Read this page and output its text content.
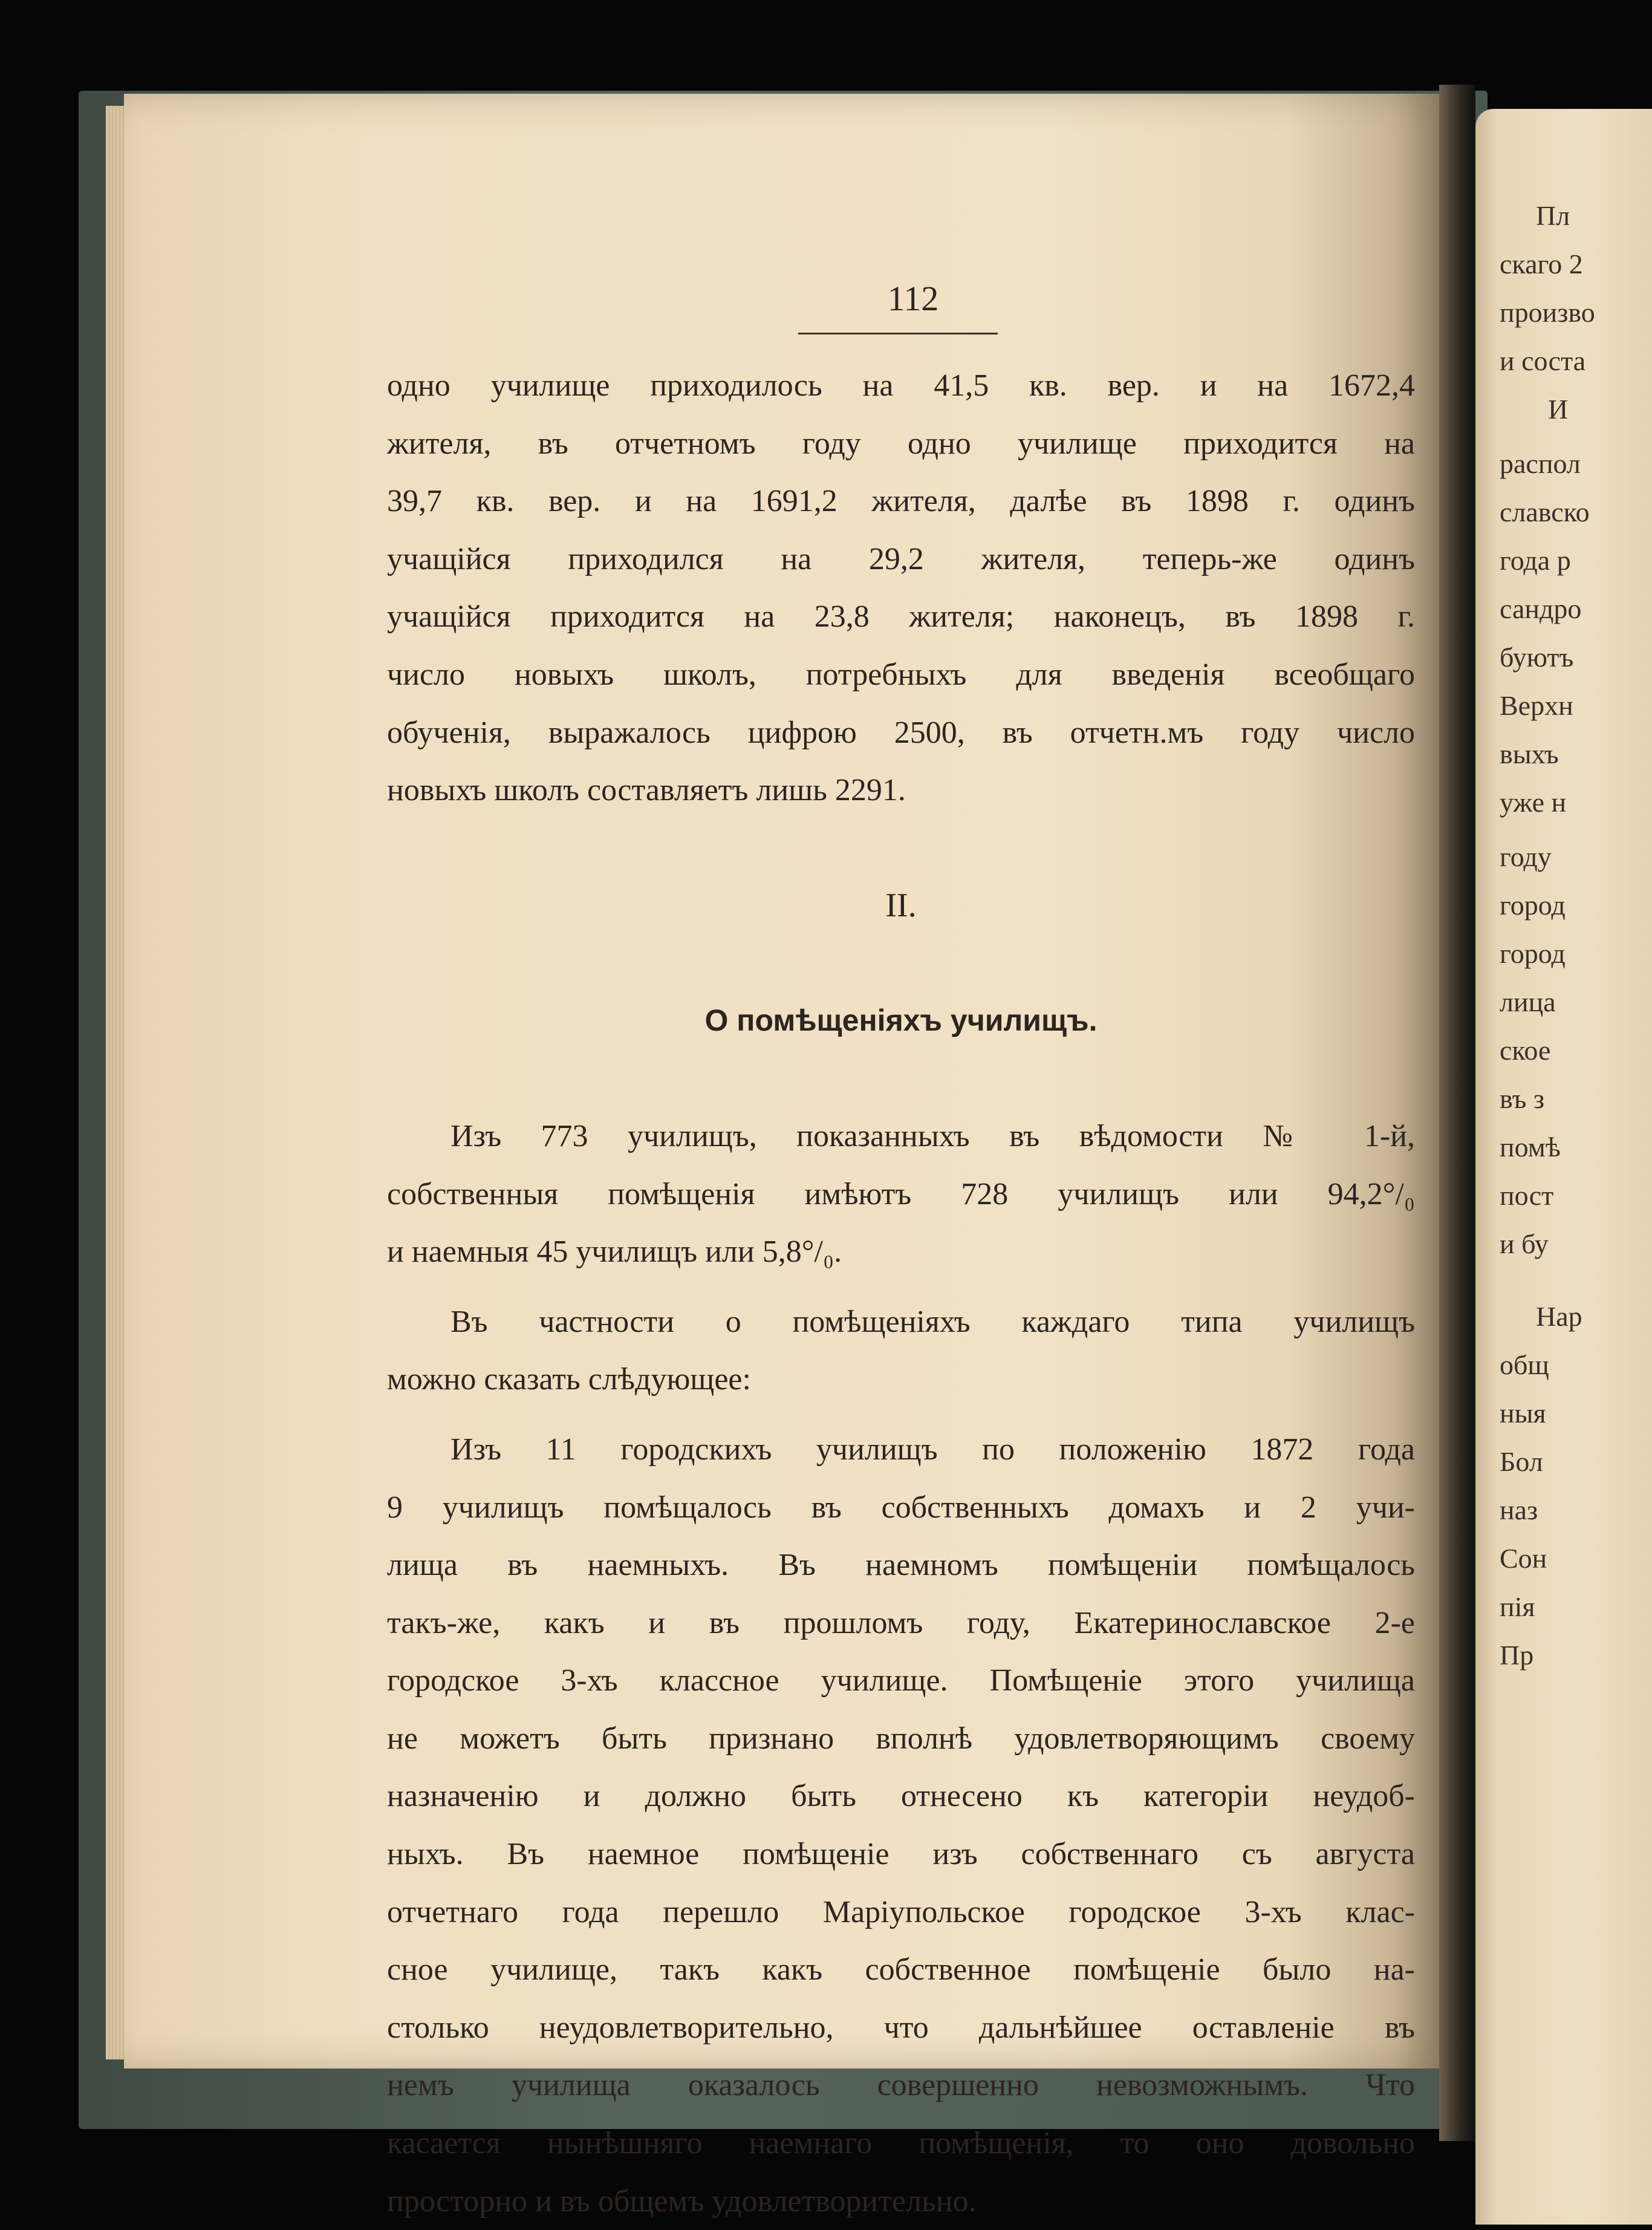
112
одно училище приходилось на 41,5 кв. вер. и на 1672,4
жителя, въ отчетномъ году одно училище приходится на
39,7 кв. вер. и на 1691,2 жителя, далѣе въ 1898 г. одинъ
учащійся приходился на 29,2 жителя, теперь-же одинъ
учащійся приходится на 23,8 жителя; наконецъ, въ 1898 г.
число новыхъ школъ, потребныхъ для введенія всеобщаго
обученія, выражалось цифрою 2500, въ отчетн.мъ году число
новыхъ школъ составляетъ лишь 2291.
II.
О помѣщеніяхъ училищъ.
Изъ 773 училищъ, показанныхъ въ вѣдомости № 1-й,
собственныя помѣщенія имѣютъ 728 училищъ или 94,2°/₀
и наемныя 45 училищъ или 5,8°/₀.
Въ частности о помѣщеніяхъ каждаго типа училищъ
можно сказать слѣдующее:
Изъ 11 городскихъ училищъ по положенію 1872 года
9 училищъ помѣщалось въ собственныхъ домахъ и 2 учи-
лища въ наемныхъ. Въ наемномъ помѣщеніи помѣщалось
такъ-же, какъ и въ прошломъ году, Екатеринославское 2-е
городское 3-хъ классное училище. Помѣщеніе этого училища
не можетъ быть признано вполнѣ удовлетворяющимъ своему
назначенію и должно быть отнесено къ категоріи неудоб-
ныхъ. Въ наемное помѣщеніе изъ собственнаго съ августа
отчетнаго года перешло Маріупольское городское 3-хъ клас-
сное училище, такъ какъ собственное помѣщеніе было на-
столько неудовлетворительно, что дальнѣйшее оставленіе въ
немъ училища оказалось совершенно невозможнымъ. Что
касается нынѣшняго наемнаго помѣщенія, то оно довольно
просторно и въ общемъ удовлетворительно.
Пл
скаго 2
произво
и соста
И
распол
славско
года р
сандро
буютъ
Верхн
выхъ
уже н
годy
город
город
лица
ское
въ з
помѣ
пост
и бу
Нар
общ
ныя
Бол
наз
Сон
пія
Пр
